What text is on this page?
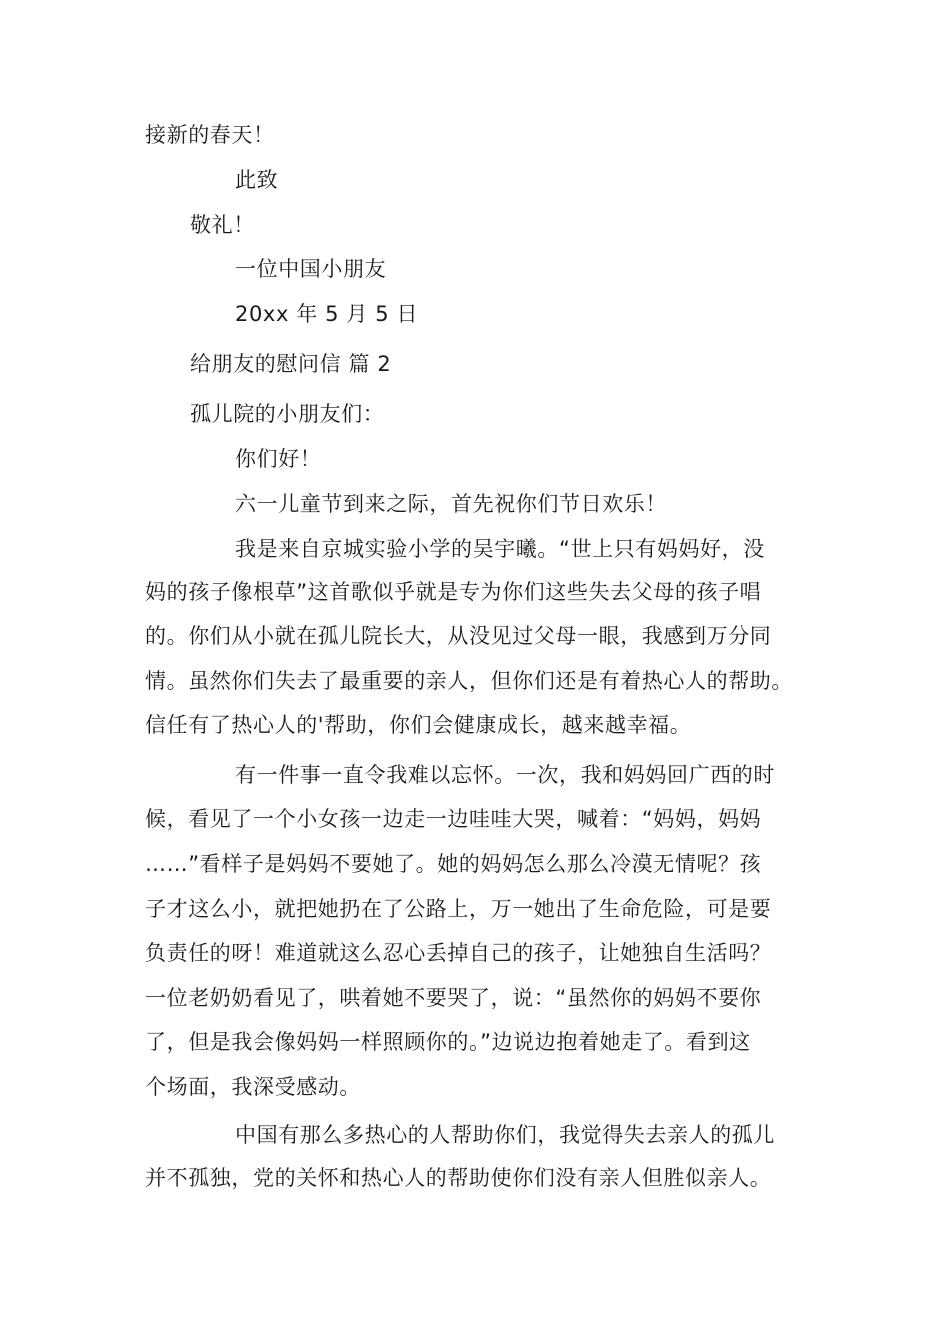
接新的春天！
此致
敬礼！
一位中国小朋友
20xx 年 5 月 5 日
给朋友的慰问信 篇 2
孤儿院的小朋友们：
你们好！
六一儿童节到来之际，首先祝你们节日欢乐！
我是来自京城实验小学的吴宇曦。“世上只有妈妈好，没
妈的孩子像根草”这首歌似乎就是专为你们这些失去父母的孩子唱
的。你们从小就在孤儿院长大，从没见过父母一眼，我感到万分同
情。虽然你们失去了最重要的亲人，但你们还是有着热心人的帮助。
信任有了热心人的'帮助，你们会健康成长，越来越幸福。
有一件事一直令我难以忘怀。一次，我和妈妈回广西的时
候，看见了一个小女孩一边走一边哇哇大哭，喊着：“妈妈，妈妈
……”看样子是妈妈不要她了。她的妈妈怎么那么冷漠无情呢？孩
子才这么小，就把她扔在了公路上，万一她出了生命危险，可是要
负责任的呀！难道就这么忍心丢掉自己的孩子，让她独自生活吗？
一位老奶奶看见了，哄着她不要哭了，说：“虽然你的妈妈不要你
了，但是我会像妈妈一样照顾你的。”边说边抱着她走了。看到这
个场面，我深受感动。
中国有那么多热心的人帮助你们，我觉得失去亲人的孤儿
并不孤独，党的关怀和热心人的帮助使你们没有亲人但胜似亲人。
